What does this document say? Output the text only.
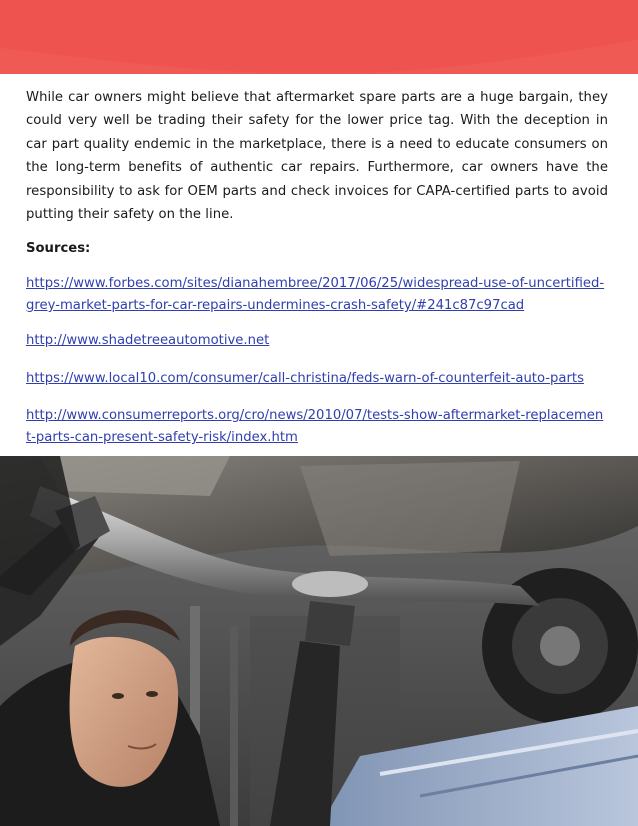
While car owners might believe that aftermarket spare parts are a huge bargain, they could very well be trading their safety for the lower price tag. With the deception in car part quality endemic in the marketplace, there is a need to educate consumers on the long-term benefits of authentic car repairs. Furthermore, car owners have the responsibility to ask for OEM parts and check invoices for CAPA-certified parts to avoid putting their safety on the line.

Sources:
https://www.forbes.com/sites/dianahembree/2017/06/25/widespread-use-of-uncertified-grey-market-parts-for-car-repairs-undermines-crash-safety/#241c87c97cad
http://www.shadetreeautomotive.net
https://www.local10.com/consumer/call-christina/feds-warn-of-counterfeit-auto-parts
http://www.consumerreports.org/cro/news/2010/07/tests-show-aftermarket-replacement-parts-can-present-safety-risk/index.htm
